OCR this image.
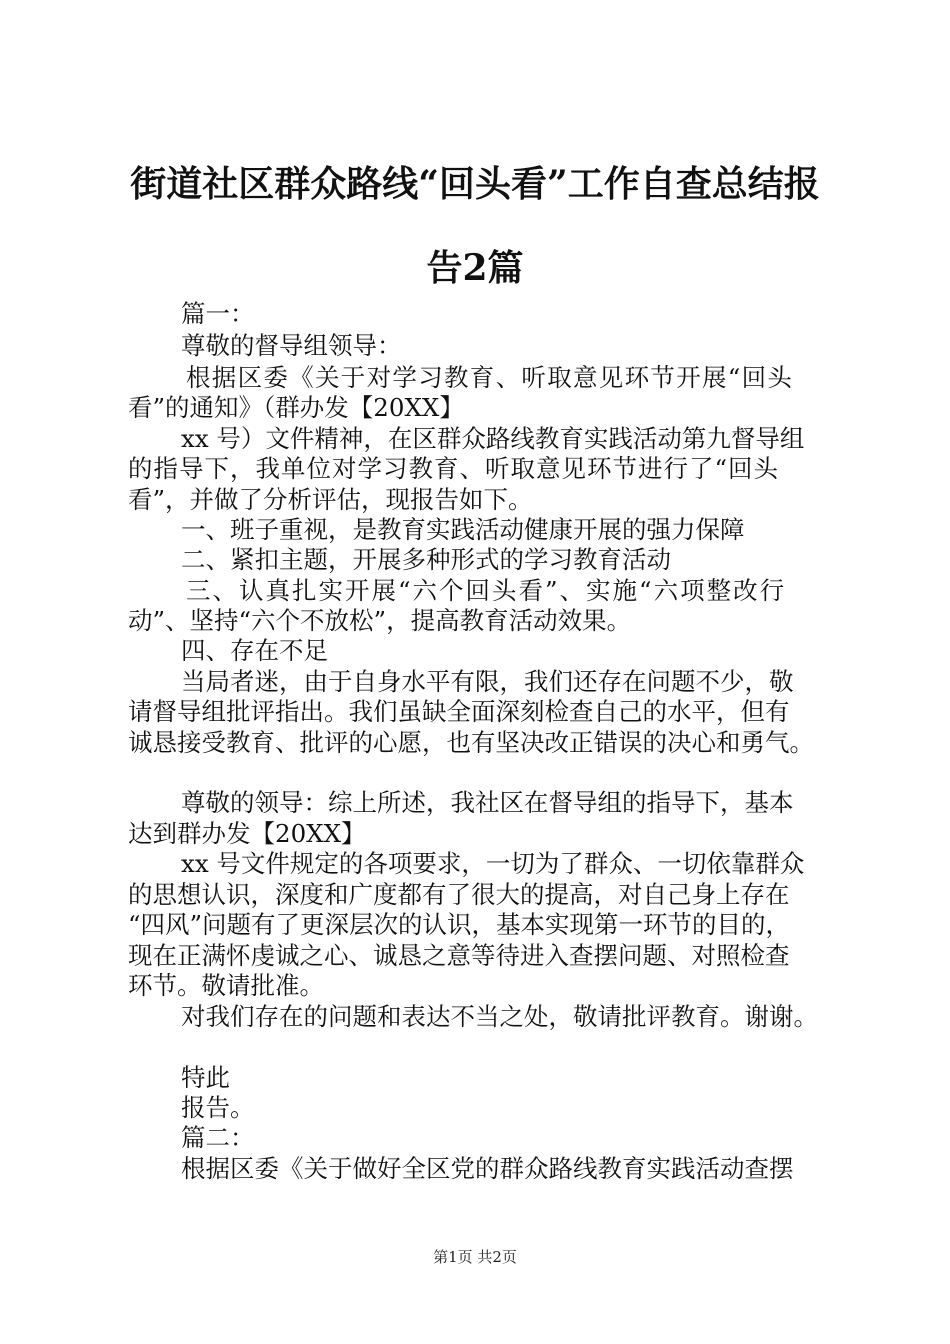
街道社区群众路线“回头看”工作自查总结报
告2篇

篇一：

尊敬的督导组领导：

根据区委《关于对学习教育、听取意见环节开展“回头

看”的通知》（群办发【20XX】

xx 号）文件精神，在区群众路线教育实践活动第九督导组

的指导下，我单位对学习教育、听取意见环节进行了“回头

看”，并做了分析评估，现报告如下。

一、班子重视，是教育实践活动健康开展的强力保障

二、紧扣主题，开展多种形式的学习教育活动

三、认真扎实开展“六个回头看”、实施“六项整改行

动”、坚持“六个不放松”，提高教育活动效果。

四、存在不足

当局者迷，由于自身水平有限，我们还存在问题不少，敬

请督导组批评指出。我们虽缺全面深刻检查自己的水平，但有

诚恳接受教育、批评的心愿，也有坚决改正错误的决心和勇气。

尊敬的领导：综上所述，我社区在督导组的指导下，基本

达到群办发【20XX】

xx 号文件规定的各项要求，一切为了群众、一切依靠群众

的思想认识，深度和广度都有了很大的提高，对自己身上存在

“四风”问题有了更深层次的认识，基本实现第一环节的目的，

现在正满怀虔诚之心、诚恳之意等待进入查摆问题、对照检查

环节。敬请批准。

对我们存在的问题和表达不当之处，敬请批评教育。谢谢。

特此

报告。

篇二：

根据区委《关于做好全区党的群众路线教育实践活动查摆

第1页 共2页
